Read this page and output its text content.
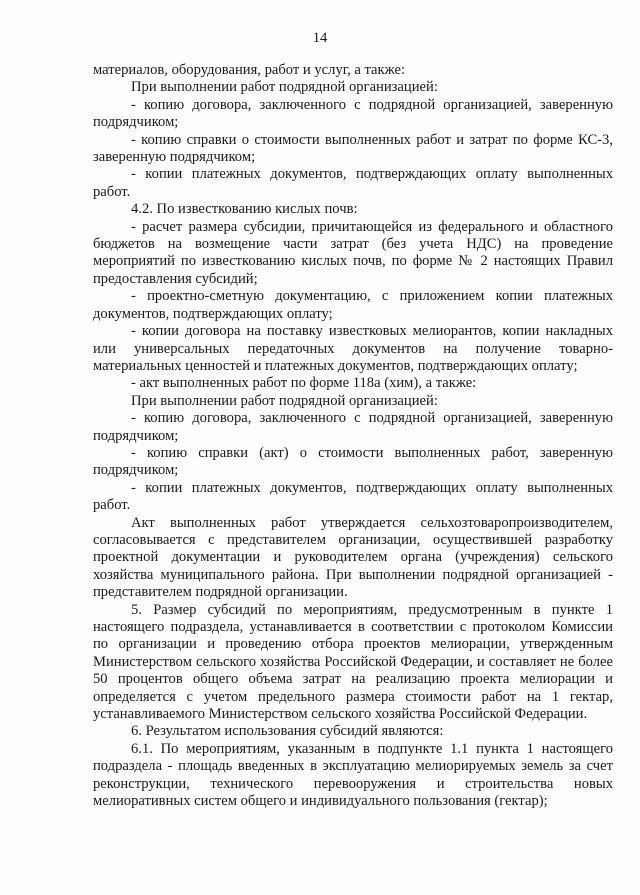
14

материалов, оборудования, работ и услуг, а также:

При выполнении работ подрядной организацией:

- копию договора, заключенного с подрядной организацией, заверенную подрядчиком;

- копию справки о стоимости выполненных работ и затрат по форме КС-3, заверенную подрядчиком;

- копии платежных документов, подтверждающих оплату выполненных работ.

4.2. По известкованию кислых почв:

- расчет размера субсидии, причитающейся из федерального и областного бюджетов на возмещение части затрат (без учета НДС) на проведение мероприятий по известкованию кислых почв, по форме № 2 настоящих Правил предоставления субсидий;

- проектно-сметную документацию, с приложением копии платежных документов, подтверждающих оплату;

- копии договора на поставку известковых мелиорантов, копии накладных или универсальных передаточных документов на получение товарно-материальных ценностей и платежных документов, подтверждающих оплату;

- акт выполненных работ по форме 118а (хим), а также:

При выполнении работ подрядной организацией:

- копию договора, заключенного с подрядной организацией, заверенную подрядчиком;

- копию справки (акт) о стоимости выполненных работ, заверенную подрядчиком;

- копии платежных документов, подтверждающих оплату выполненных работ.

Акт выполненных работ утверждается сельхозтоваропроизводителем, согласовывается с представителем организации, осуществившей разработку проектной документации и руководителем органа (учреждения) сельского хозяйства муниципального района. При выполнении подрядной организацией - представителем подрядной организации.

5. Размер субсидий по мероприятиям, предусмотренным в пункте 1 настоящего подраздела, устанавливается в соответствии с протоколом Комиссии по организации и проведению отбора проектов мелиорации, утвержденным Министерством сельского хозяйства Российской Федерации, и составляет не более 50 процентов общего объема затрат на реализацию проекта мелиорации и определяется с учетом предельного размера стоимости работ на 1 гектар, устанавливаемого Министерством сельского хозяйства Российской Федерации.

6. Результатом использования субсидий являются:

6.1. По мероприятиям, указанным в подпункте 1.1 пункта 1 настоящего подраздела - площадь введенных в эксплуатацию мелиорируемых земель за счет реконструкции, технического перевооружения и строительства новых мелиоративных систем общего и индивидуального пользования (гектар);
